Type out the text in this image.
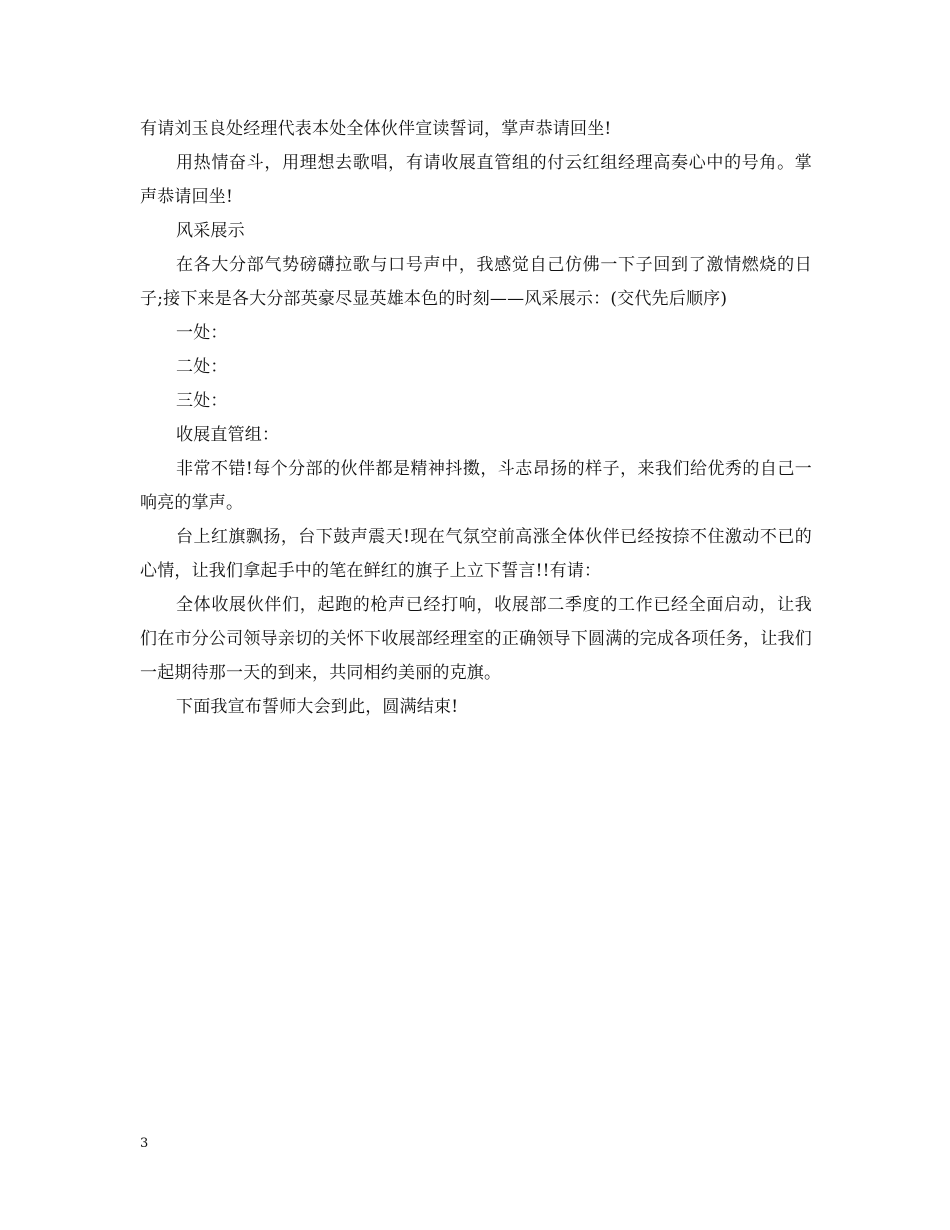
有请刘玉良处经理代表本处全体伙伴宣读誓词，掌声恭请回坐!

用热情奋斗，用理想去歌唱，有请收展直管组的付云红组经理高奏心中的号角。掌声恭请回坐!

风采展示

在各大分部气势磅礴拉歌与口号声中，我感觉自己仿佛一下子回到了激情燃烧的日子;接下来是各大分部英豪尽显英雄本色的时刻——风采展示：(交代先后顺序)

一处：

二处：

三处：

收展直管组：

非常不错!每个分部的伙伴都是精神抖擞，斗志昂扬的样子，来我们给优秀的自己一响亮的掌声。

台上红旗飘扬，台下鼓声震天!现在气氛空前高涨全体伙伴已经按捺不住激动不已的心情，让我们拿起手中的笔在鲜红的旗子上立下誓言!!有请：

全体收展伙伴们，起跑的枪声已经打响，收展部二季度的工作已经全面启动，让我们在市分公司领导亲切的关怀下收展部经理室的正确领导下圆满的完成各项任务，让我们一起期待那一天的到来，共同相约美丽的克旗。

下面我宣布誓师大会到此，圆满结束!

3
